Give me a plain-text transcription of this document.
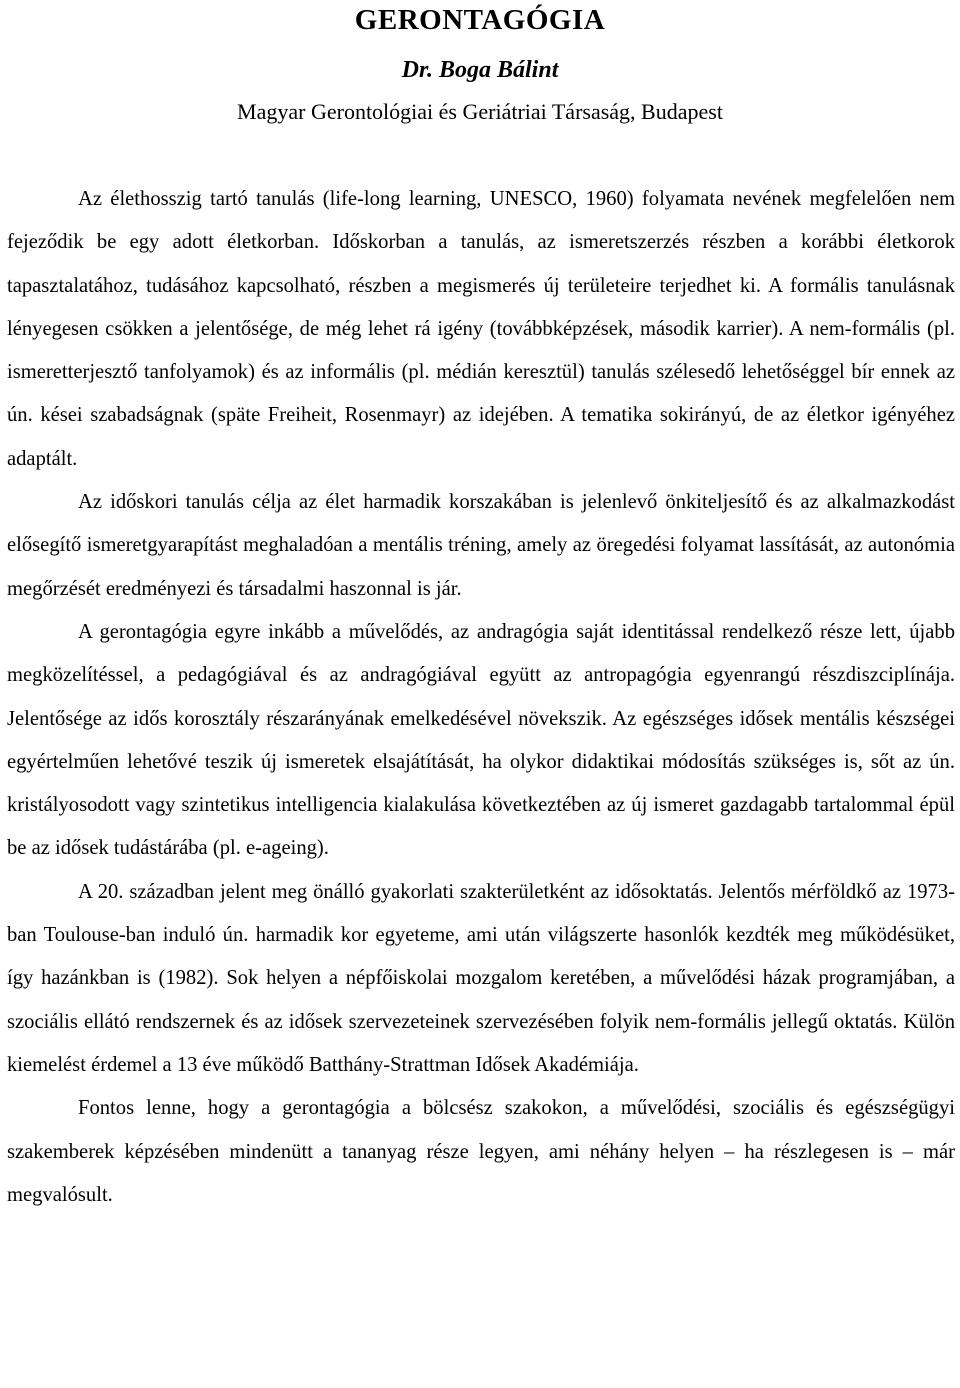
GERONTAGÓGIA
Dr. Boga Bálint
Magyar Gerontológiai és Geriátriai Társaság, Budapest

Az élethosszig tartó tanulás (life-long learning, UNESCO, 1960) folyamata nevének megfelelően nem fejeződik be egy adott életkorban. Időskorban a tanulás, az ismeretszerzés részben a korábbi életkorok tapasztalatához, tudásához kapcsolható, részben a megismerés új területeire terjedhet ki. A formális tanulásnak lényegesen csökken a jelentősége, de még lehet rá igény (továbbképzések, második karrier). A nem-formális (pl. ismeretterjesztő tanfolyamok) és az informális (pl. médián keresztül) tanulás szélesedő lehetőséggel bír ennek az ún. kései szabadságnak (späte Freiheit, Rosenmayr) az idejében. A tematika sokirányú, de az életkor igényéhez adaptált.

Az időskori tanulás célja az élet harmadik korszakában is jelenlevő önkiteljesítő és az alkalmazkodást elősegítő ismeretgyarapítást meghaladóan a mentális tréning, amely az öregedési folyamat lassítását, az autonómia megőrzését eredményezi és társadalmi haszonnal is jár.

A gerontagógia egyre inkább a művelődés, az andragógia saját identitással rendelkező része lett, újabb megközelítéssel, a pedagógiával és az andragógiával együtt az antropagógia egyenrangú részdiszciplínája. Jelentősége az idős korosztály részarányának emelkedésével növekszik. Az egészséges idősek mentális készségei egyértelműen lehetővé teszik új ismeretek elsajátítását, ha olykor didaktikai módosítás szükséges is, sőt az ún. kristályosodott vagy szintetikus intelligencia kialakulása következtében az új ismeret gazdagabb tartalommal épül be az idősek tudástárába (pl. e-ageing).

A 20. században jelent meg önálló gyakorlati szakterületként az idősoktatás. Jelentős mérföldkő az 1973-ban Toulouse-ban induló ún. harmadik kor egyeteme, ami után világszerte hasonlók kezdték meg működésüket, így hazánkban is (1982). Sok helyen a népfőiskolai mozgalom keretében, a művelődési házak programjában, a szociális ellátó rendszernek és az idősek szervezeteinek szervezésében folyik nem-formális jellegű oktatás. Külön kiemelést érdemel a 13 éve működő Batthány-Strattman Idősek Akadémiája.

Fontos lenne, hogy a gerontagógia a bölcsész szakokon, a művelődési, szociális és egészségügyi szakemberek képzésében mindenütt a tananyag része legyen, ami néhány helyen – ha részlegesen is – már megvalósult.
